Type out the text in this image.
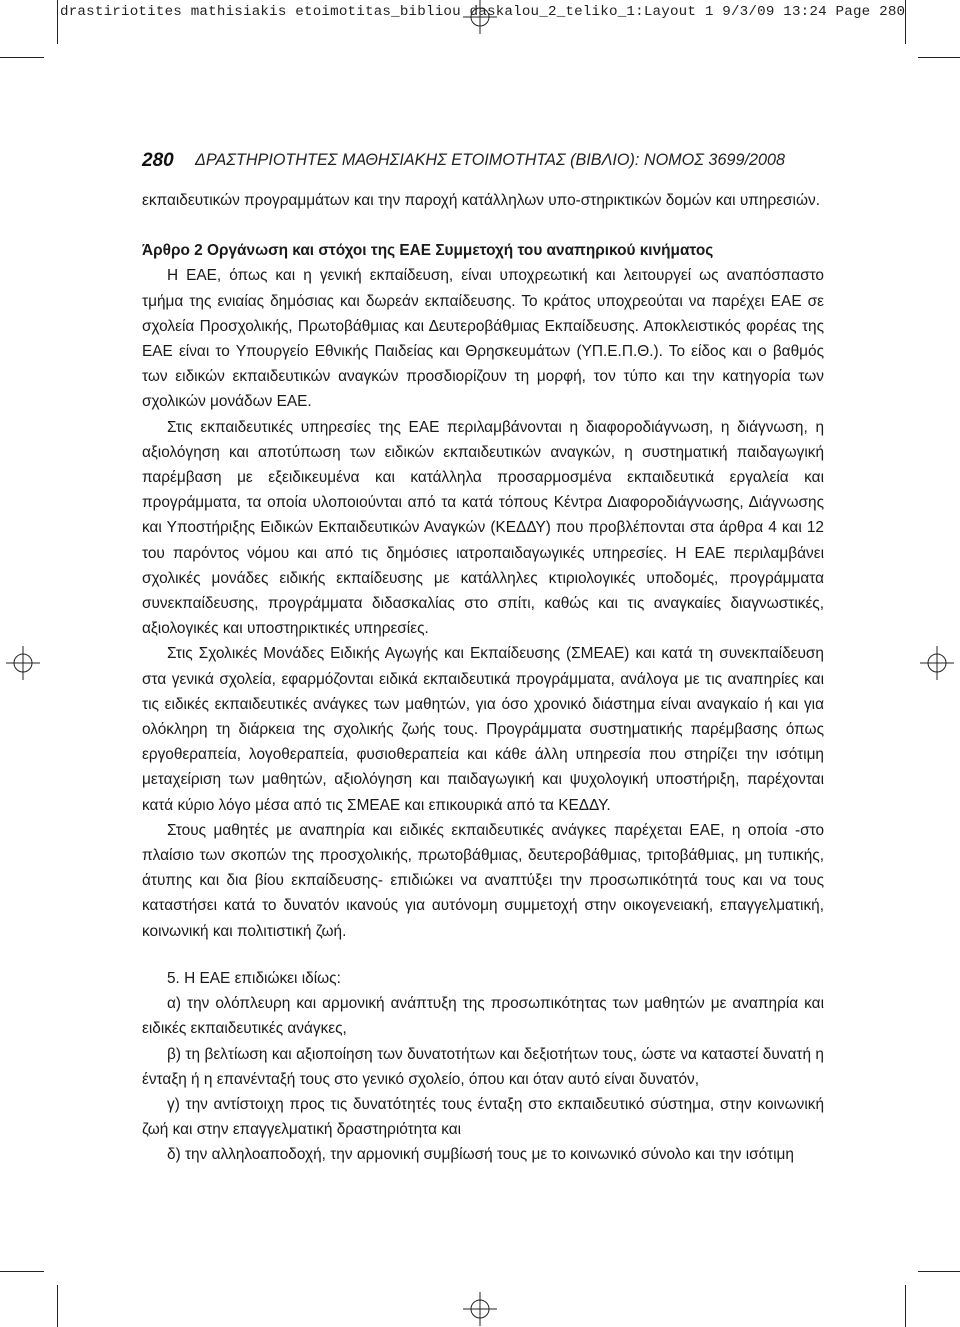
drastiriotites mathisiakis etoimotitas_bibliou daskalou_2_teliko_1:Layout 1 9/3/09 13:24 Page 280
280 ΔΡΑΣΤΗΡΙΟΤΗΤΕΣ ΜΑΘΗΣΙΑΚΗΣ ΕΤΟΙΜΟΤΗΤΑΣ (ΒΙΒΛΙΟ): ΝΟΜΟΣ 3699/2008

εκπαιδευτικών προγραμμάτων και την παροχή κατάλληλων υπο-στηρικτικών δομών και υπηρεσιών.

Άρθρο 2 Οργάνωση και στόχοι της ΕΑΕ Συμμετοχή του αναπηρικού κινήματος

Η ΕΑΕ, όπως και η γενική εκπαίδευση, είναι υποχρεωτική και λειτουργεί ως αναπόσπαστο τμήμα της ενιαίας δημόσιας και δωρεάν εκπαίδευσης. Το κράτος υποχρεούται να παρέχει ΕΑΕ σε σχολεία Προσχολικής, Πρωτοβάθμιας και Δευτεροβάθμιας Εκπαίδευσης. Αποκλειστικός φορέας της ΕΑΕ είναι το Υπουργείο Εθνικής Παιδείας και Θρησκευμάτων (ΥΠ.Ε.Π.Θ.). Το είδος και ο βαθμός των ειδικών εκπαιδευτικών αναγκών προσδιορίζουν τη μορφή, τον τύπο και την κατηγορία των σχολικών μονάδων ΕΑΕ.

Στις εκπαιδευτικές υπηρεσίες της ΕΑΕ περιλαμβάνονται η διαφοροδιάγνωση, η διάγνωση, η αξιολόγηση και αποτύπωση των ειδικών εκπαιδευτικών αναγκών, η συστηματική παιδαγωγική παρέμβαση με εξειδικευμένα και κατάλληλα προσαρμοσμένα εκπαιδευτικά εργαλεία και προγράμματα, τα οποία υλοποιούνται από τα κατά τόπους Κέντρα Διαφοροδιάγνωσης, Διάγνωσης και Υποστήριξης Ειδικών Εκπαιδευτικών Αναγκών (ΚΕΔΔΥ) που προβλέπονται στα άρθρα 4 και 12 του παρόντος νόμου και από τις δημόσιες ιατροπαιδαγωγικές υπηρεσίες. Η ΕΑΕ περιλαμβάνει σχολικές μονάδες ειδικής εκπαίδευσης με κατάλληλες κτιριολογικές υποδομές, προγράμματα συνεκπαίδευσης, προγράμματα διδασκαλίας στο σπίτι, καθώς και τις αναγκαίες διαγνωστικές, αξιολογικές και υποστηρικτικές υπηρεσίες.

Στις Σχολικές Μονάδες Ειδικής Αγωγής και Εκπαίδευσης (ΣΜΕΑΕ) και κατά τη συνεκπαίδευση στα γενικά σχολεία, εφαρμόζονται ειδικά εκπαιδευτικά προγράμματα, ανάλογα με τις αναπηρίες και τις ειδικές εκπαιδευτικές ανάγκες των μαθητών, για όσο χρονικό διάστημα είναι αναγκαίο ή και για ολόκληρη τη διάρκεια της σχολικής ζωής τους. Προγράμματα συστηματικής παρέμβασης όπως εργοθεραπεία, λογοθεραπεία, φυσιοθεραπεία και κάθε άλλη υπηρεσία που στηρίζει την ισότιμη μεταχείριση των μαθητών, αξιολόγηση και παιδαγωγική και ψυχολογική υποστήριξη, παρέχονται κατά κύριο λόγο μέσα από τις ΣΜΕΑΕ και επικουρικά από τα ΚΕΔΔΥ.

Στους μαθητές με αναπηρία και ειδικές εκπαιδευτικές ανάγκες παρέχεται ΕΑΕ, η οποία -στο πλαίσιο των σκοπών της προσχολικής, πρωτοβάθμιας, δευτεροβάθμιας, τριτοβάθμιας, μη τυπικής, άτυπης και δια βίου εκπαίδευσης- επιδιώκει να αναπτύξει την προσωπικότητά τους και να τους καταστήσει κατά το δυνατόν ικανούς για αυτόνομη συμμετοχή στην οικογενειακή, επαγγελματική, κοινωνική και πολιτιστική ζωή.

5. Η ΕΑΕ επιδιώκει ιδίως:

α) την ολόπλευρη και αρμονική ανάπτυξη της προσωπικότητας των μαθητών με αναπηρία και ειδικές εκπαιδευτικές ανάγκες,

β) τη βελτίωση και αξιοποίηση των δυνατοτήτων και δεξιοτήτων τους, ώστε να καταστεί δυνατή η ένταξη ή η επανένταξή τους στο γενικό σχολείο, όπου και όταν αυτό είναι δυνατόν,

γ) την αντίστοιχη προς τις δυνατότητές τους ένταξη στο εκπαιδευτικό σύστημα, στην κοινωνική ζωή και στην επαγγελματική δραστηριότητα και

δ) την αλληλοαποδοχή, την αρμονική συμβίωσή τους με το κοινωνικό σύνολο και την ισότιμη
